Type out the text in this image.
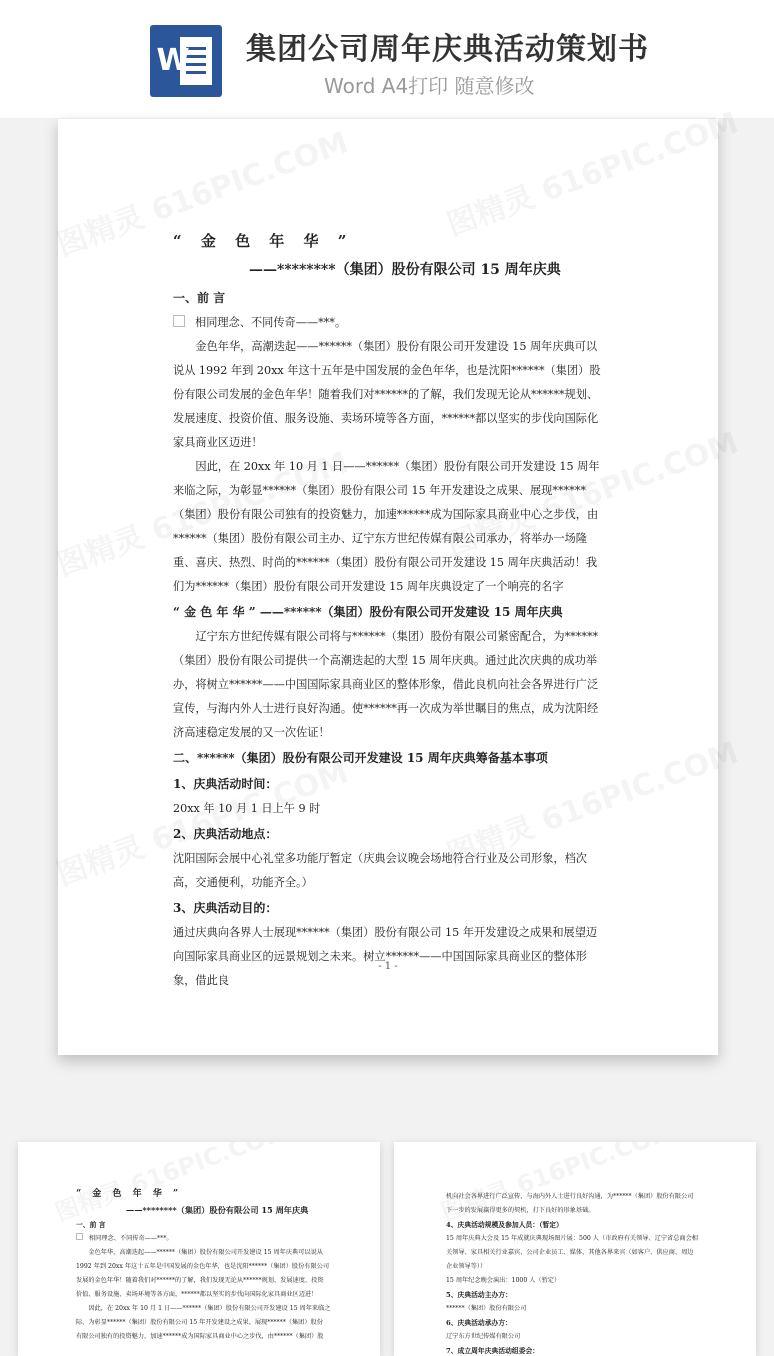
W 集团公司周年庆典活动策划书
Word A4打印 随意修改

“ 金 色 年 华 ”

——********（集团）股份有限公司 15 周年庆典

一、前 言

相同理念、不同传奇——***。

金色年华，高潮迭起——******（集团）股份有限公司开发建设 15 周年庆典可以说从 1992 年到 20xx 年这十五年是中国发展的金色年华，也是沈阳******（集团）股份有限公司发展的金色年华！随着我们对******的了解，我们发现无论从******规划、发展速度、投资价值、服务设施、卖场环境等各方面，******都以坚实的步伐向国际化家具商业区迈进！

因此，在 20xx 年 10 月 1 日——******（集团）股份有限公司开发建设 15 周年来临之际，为彰显******（集团）股份有限公司 15 年开发建设之成果、展现******（集团）股份有限公司独有的投资魅力，加速******成为国际家具商业中心之步伐，由******（集团）股份有限公司主办、辽宁东方世纪传媒有限公司承办，将举办一场隆重、喜庆、热烈、时尚的******（集团）股份有限公司开发建设 15 周年庆典活动！我们为******（集团）股份有限公司开发建设 15 周年庆典设定了一个响亮的名字

“ 金 色 年 华 ” ——******（集团）股份有限公司开发建设 15 周年庆典

辽宁东方世纪传媒有限公司将与******（集团）股份有限公司紧密配合，为******（集团）股份有限公司提供一个高潮迭起的大型 15 周年庆典。通过此次庆典的成功举办，将树立******——中国国际家具商业区的整体形象，借此良机向社会各界进行广泛宣传，与海内外人士进行良好沟通。使******再一次成为举世瞩目的焦点，成为沈阳经济高速稳定发展的又一次佐证！

二、******（集团）股份有限公司开发建设 15 周年庆典筹备基本事项

1、庆典活动时间：

20xx 年 10 月 1 日上午 9 时

2、庆典活动地点：

沈阳国际会展中心礼堂多功能厅暂定（庆典会议晚会场地符合行业及公司形象，档次高，交通便利，功能齐全。）

3、庆典活动目的：

通过庆典向各界人士展现******（集团）股份有限公司 15 年开发建设之成果和展望迈向国际家具商业区的远景规划之未来。树立******——中国国际家具商业区的整体形象，借此良

- 1 -

“ 金 色 年 华 ”

——********（集团）股份有限公司 15 周年庆典

一、前 言

相同理念、不同传奇——***。

金色年华，高潮迭起——******（集团）股份有限公司开发建设 15 周年庆典可以说从

1992 年到 20xx 年这十五年是中国发展的金色年华，也是沈阳******（集团）股份有限公司

发展的金色年华！随着我们对******的了解，我们发现无论从******规划、发展速度、投资

价值、服务设施、卖场环境等各方面，******都以坚实的步伐向国际化家具商业区迈进！

因此，在 20xx 年 10 月 1 日——******（集团）股份有限公司开发建设 15 周年来临之

际，为彰显******（集团）股份有限公司 15 年开发建设之成果、展现******（集团）股份

有限公司独有的投资魅力，加速******成为国际家具商业中心之步伐，由******（集团）股

机向社会各界进行广泛宣传，与海内外人士进行良好沟通，为******（集团）股份有限公司

下一步的发展赢得更多的契机，打下良好的形象基础。

4、庆典活动规模及参加人员：（暂定）

15 周年庆典大会及 15 年成就庆典现场图片展：500 人（市政府有关领导、辽宁省总商会相

关领导、家具相关行业嘉宾、公司企业员工、媒体、其他各界来宾（如客户、供应商、周边

企业领导等））

15 周年纪念晚会演出：1000 人（暂定）

5、庆典活动主办方：

******（集团）股份有限公司

6、庆典活动承办方：

辽宁东方世纪传媒有限公司

7、成立周年庆典活动组委会：
